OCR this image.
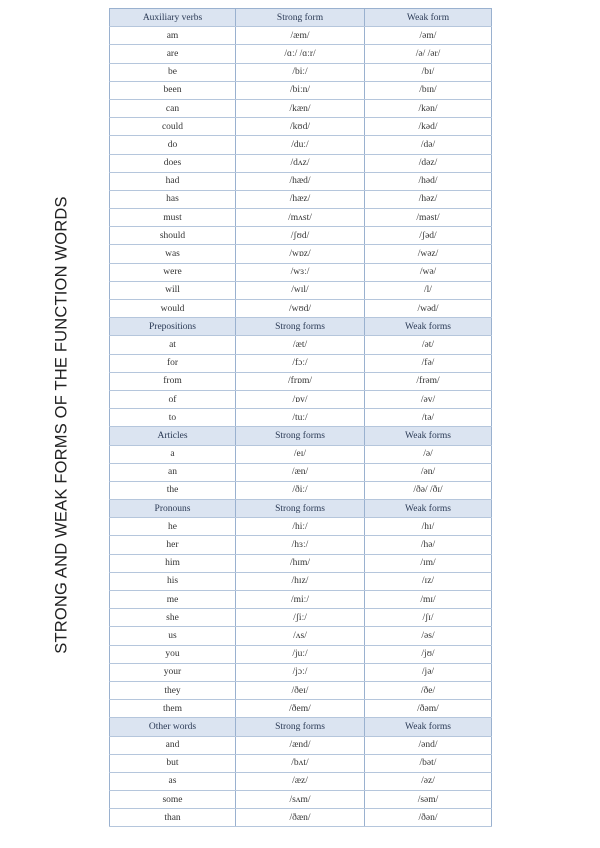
STRONG AND WEAK FORMS OF THE FUNCTION WORDS
Auxiliary verbs	Strong form	Weak form
am	/æm/	/əm/
are	/ɑː/ /ɑːr/	/ə/ /ər/
be	/biː/	/bɪ/
been	/biːn/	/bɪn/
can	/kæn/	/kən/
could	/kʊd/	/kəd/
do	/duː/	/də/
does	/dʌz/	/dəz/
had	/hæd/	/həd/
has	/hæz/	/həz/
must	/mʌst/	/məst/
should	/ʃʊd/	/ʃəd/
was	/wɒz/	/wəz/
were	/wɜː/	/wə/
will	/wɪl/	/l/
would	/wʊd/	/wəd/
Prepositions	Strong forms	Weak forms
at	/æt/	/ət/
for	/fɔː/	/fə/
from	/frɒm/	/frəm/
of	/ɒv/	/əv/
to	/tuː/	/tə/
Articles	Strong forms	Weak forms
a	/eɪ/	/ə/
an	/æn/	/ən/
the	/ðiː/	/ðə/ /ðɪ/
Pronouns	Strong forms	Weak forms
he	/hiː/	/hɪ/
her	/hɜː/	/hə/
him	/hɪm/	/ɪm/
his	/hɪz/	/ɪz/
me	/miː/	/mɪ/
she	/ʃiː/	/ʃɪ/
us	/ʌs/	/əs/
you	/juː/	/jʊ/
your	/jɔː/	/jə/
they	/ðeɪ/	/ðe/
them	/ðem/	/ðəm/
Other words	Strong forms	Weak forms
and	/ænd/	/ənd/
but	/bʌt/	/bət/
as	/æz/	/əz/
some	/sʌm/	/səm/
than	/ðæn/	/ðən/
